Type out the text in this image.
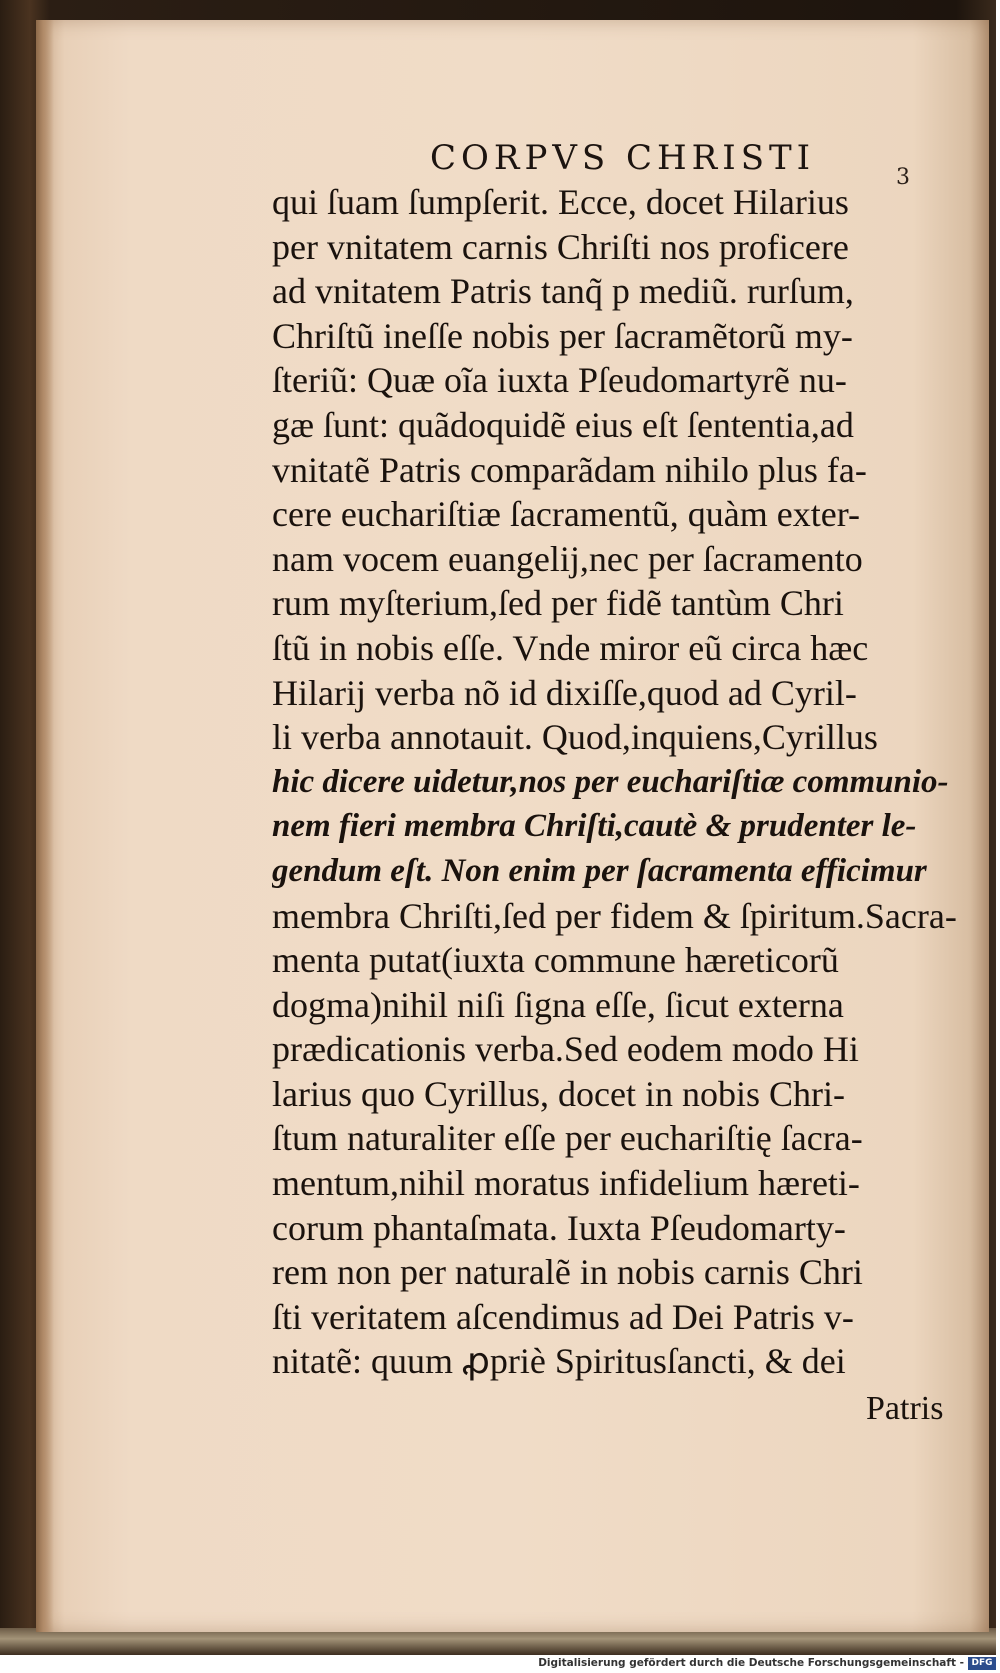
CORPVS CHRISTI	3
qui ſuam ſumpſerit. Ecce, docet Hilarius
per vnitatem carnis Chriſti nos proficere
ad vnitatem Patris tanq̃ p mediũ. rurſum,
Chriſtũ ineſſe nobis per ſacramẽtorũ my-
ſteriũ: Quæ oĩa iuxta Pſeudomartyrẽ nu-
gæ ſunt: quãdoquidẽ eius eſt ſententia,ad
vnitatẽ Patris comparãdam nihilo plus fa-
cere euchariſtiæ ſacramentũ, quàm exter-
nam vocem euangelij,nec per ſacramento
rum myſterium,ſed per fidẽ tantùm Chri
ſtũ in nobis eſſe. Vnde miror eũ circa hæc
Hilarij verba nõ id dixiſſe,quod ad Cyril-
li verba annotauit. Quod,inquiens,Cyrillus
hic dicere uidetur,nos per euchariſtiæ communio-
nem fieri membra Chriſti,cautè & prudenter le-
gendum eſt. Non enim per ſacramenta efficimur
membra Chriſti,ſed per fidem & ſpiritum.Sacra-
menta putat(iuxta commune hæreticorũ
dogma)nihil niſi ſigna eſſe, ſicut externa
prædicationis verba.Sed eodem modo Hi
larius quo Cyrillus, docet in nobis Chri-
ſtum naturaliter eſſe per euchariſtię ſacra-
mentum,nihil moratus infidelium hæreti-
corum phantaſmata. Iuxta Pſeudomarty-
rem non per naturalẽ in nobis carnis Chri
ſti veritatem aſcendimus ad Dei Patris v-
nitatẽ: quum ꝓpriè Spiritusſancti, & dei
Patris
Digitalisierung gefördert durch die Deutsche Forschungsgemeinschaft - DFG
